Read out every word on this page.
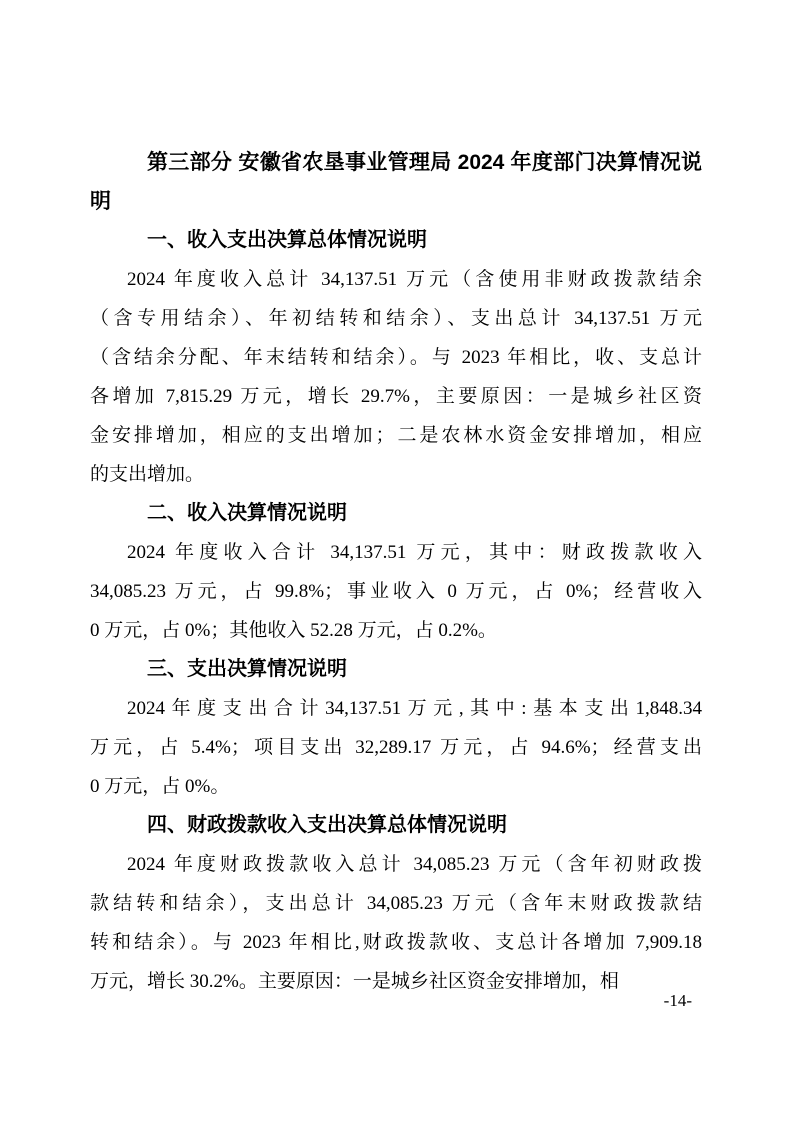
第三部分 安徽省农垦事业管理局 2024 年度部门决算情况说
明
一、收入支出决算总体情况说明
2024 年度收入总计 34,137.51 万元（含使用非财政拨款结余
（含专用结余）、年初结转和结余）、支出总计 34,137.51 万元
（含结余分配、年末结转和结余）。与 2023 年相比，收、支总计
各增加 7,815.29 万元，增长 29.7%，主要原因：一是城乡社区资
金安排增加，相应的支出增加；二是农林水资金安排增加，相应
的支出增加。
二、收入决算情况说明
2024 年度收入合计 34,137.51 万元，其中：财政拨款收入
34,085.23 万元，占 99.8%；事业收入 0 万元，占 0%；经营收入
0 万元，占 0%；其他收入 52.28 万元，占 0.2%。
三、支出决算情况说明
2024年度支出合计34,137.51万元,其中:基本支出1,848.34
万元，占 5.4%；项目支出 32,289.17 万元，占 94.6%；经营支出
0 万元，占 0%。
四、财政拨款收入支出决算总体情况说明
2024 年度财政拨款收入总计 34,085.23 万元（含年初财政拨
款结转和结余），支出总计 34,085.23 万元（含年末财政拨款结
转和结余）。与 2023 年相比,财政拨款收、支总计各增加 7,909.18
万元，增长 30.2%。主要原因：一是城乡社区资金安排增加，相
-14-
